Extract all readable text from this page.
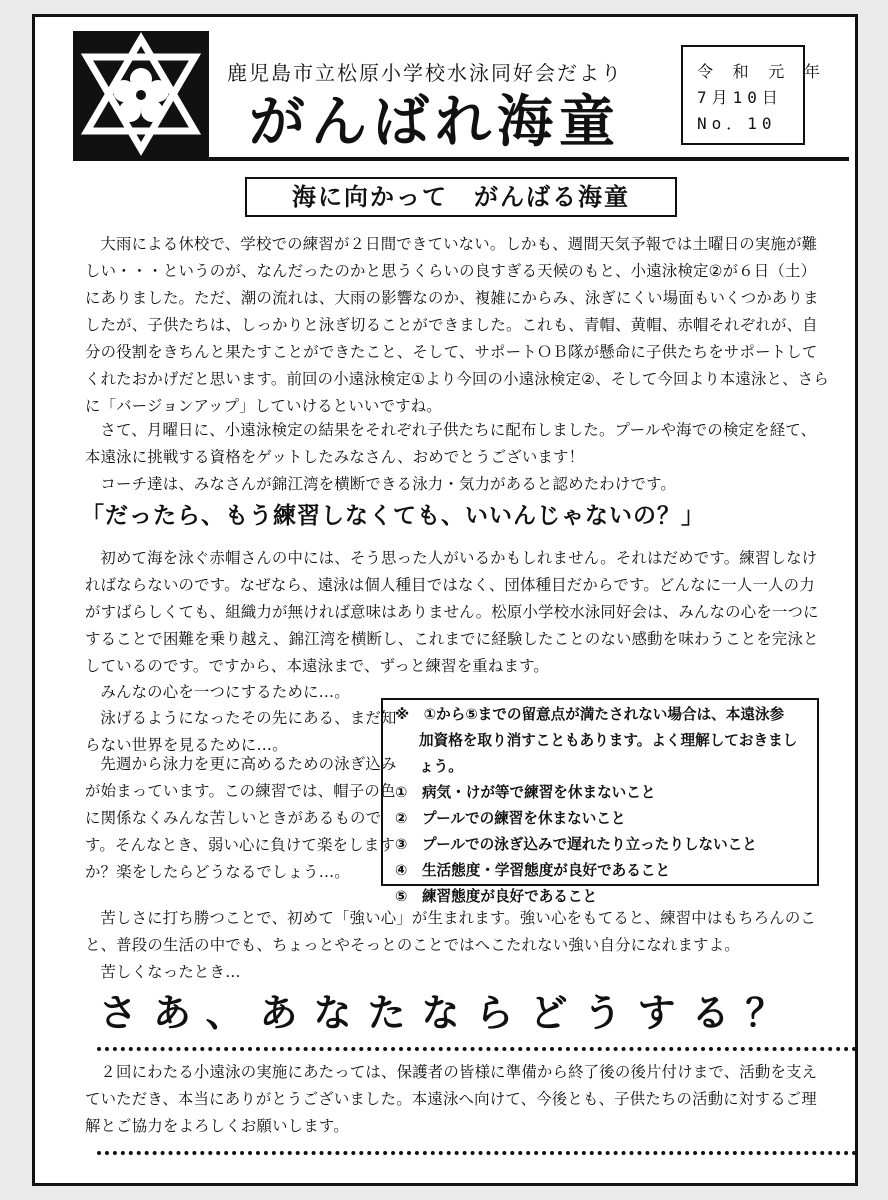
鹿児島市立松原小学校水泳同好会だより
がんばれ海童
令 和 元 年
7月10日
No．10
海に向かって　がんばる海童
大雨による休校で、学校での練習が２日間できていない。しかも、週間天気予報では土曜日の実施が難しい・・・というのが、なんだったのかと思うくらいの良すぎる天候のもと、小遠泳検定②が６日（土）にありました。ただ、潮の流れは、大雨の影響なのか、複雑にからみ、泳ぎにくい場面もいくつかありましたが、子供たちは、しっかりと泳ぎ切ることができました。これも、青帽、黄帽、赤帽それぞれが、自分の役割をきちんと果たすことができたこと、そして、サポートＯＢ隊が懸命に子供たちをサポートしてくれたおかげだと思います。前回の小遠泳検定①より今回の小遠泳検定②、そして今回より本遠泳と、さらに「バージョンアップ」していけるといいですね。
さて、月曜日に、小遠泳検定の結果をそれぞれ子供たちに配布しました。プールや海での検定を経て、本遠泳に挑戦する資格をゲットしたみなさん、おめでとうございます！
コーチ達は、みなさんが錦江湾を横断できる泳力・気力があると認めたわけです。
「だったら、もう練習しなくても、いいんじゃないの？」
初めて海を泳ぐ赤帽さんの中には、そう思った人がいるかもしれません。それはだめです。練習しなければならないのです。なぜなら、遠泳は個人種目ではなく、団体種目だからです。どんなに一人一人の力がすばらしくても、組織力が無ければ意味はありません。松原小学校水泳同好会は、みんなの心を一つにすることで困難を乗り越え、錦江湾を横断し、これまでに経験したことのない感動を味わうことを完泳としているのです。ですから、本遠泳まで、ずっと練習を重ねます。
みんなの心を一つにするために…。
泳げるようになったその先にある、まだ知らない世界を見るために…。
先週から泳力を更に高めるための泳ぎ込みが始まっています。この練習では、帽子の色に関係なくみんな苦しいときがあるものです。そんなとき、弱い心に負けて楽をしますか？楽をしたらどうなるでしょう…。
※　①から⑤までの留意点が満たされない場合は、本遠泳参
加資格を取り消すこともあります。よく理解しておきましょう。
①　病気・けが等で練習を休まないこと
②　プールでの練習を休まないこと
③　プールでの泳ぎ込みで遅れたり立ったりしないこと
④　生活態度・学習態度が良好であること
⑤　練習態度が良好であること
苦しさに打ち勝つことで、初めて「強い心」が生まれます。強い心をもてると、練習中はもちろんのこと、普段の生活の中でも、ちょっとやそっとのことではへこたれない強い自分になれますよ。
苦しくなったとき…
さあ、あなたならどうする？
２回にわたる小遠泳の実施にあたっては、保護者の皆様に準備から終了後の後片付けまで、活動を支えていただき、本当にありがとうございました。本遠泳へ向けて、今後とも、子供たちの活動に対するご理解とご協力をよろしくお願いします。
